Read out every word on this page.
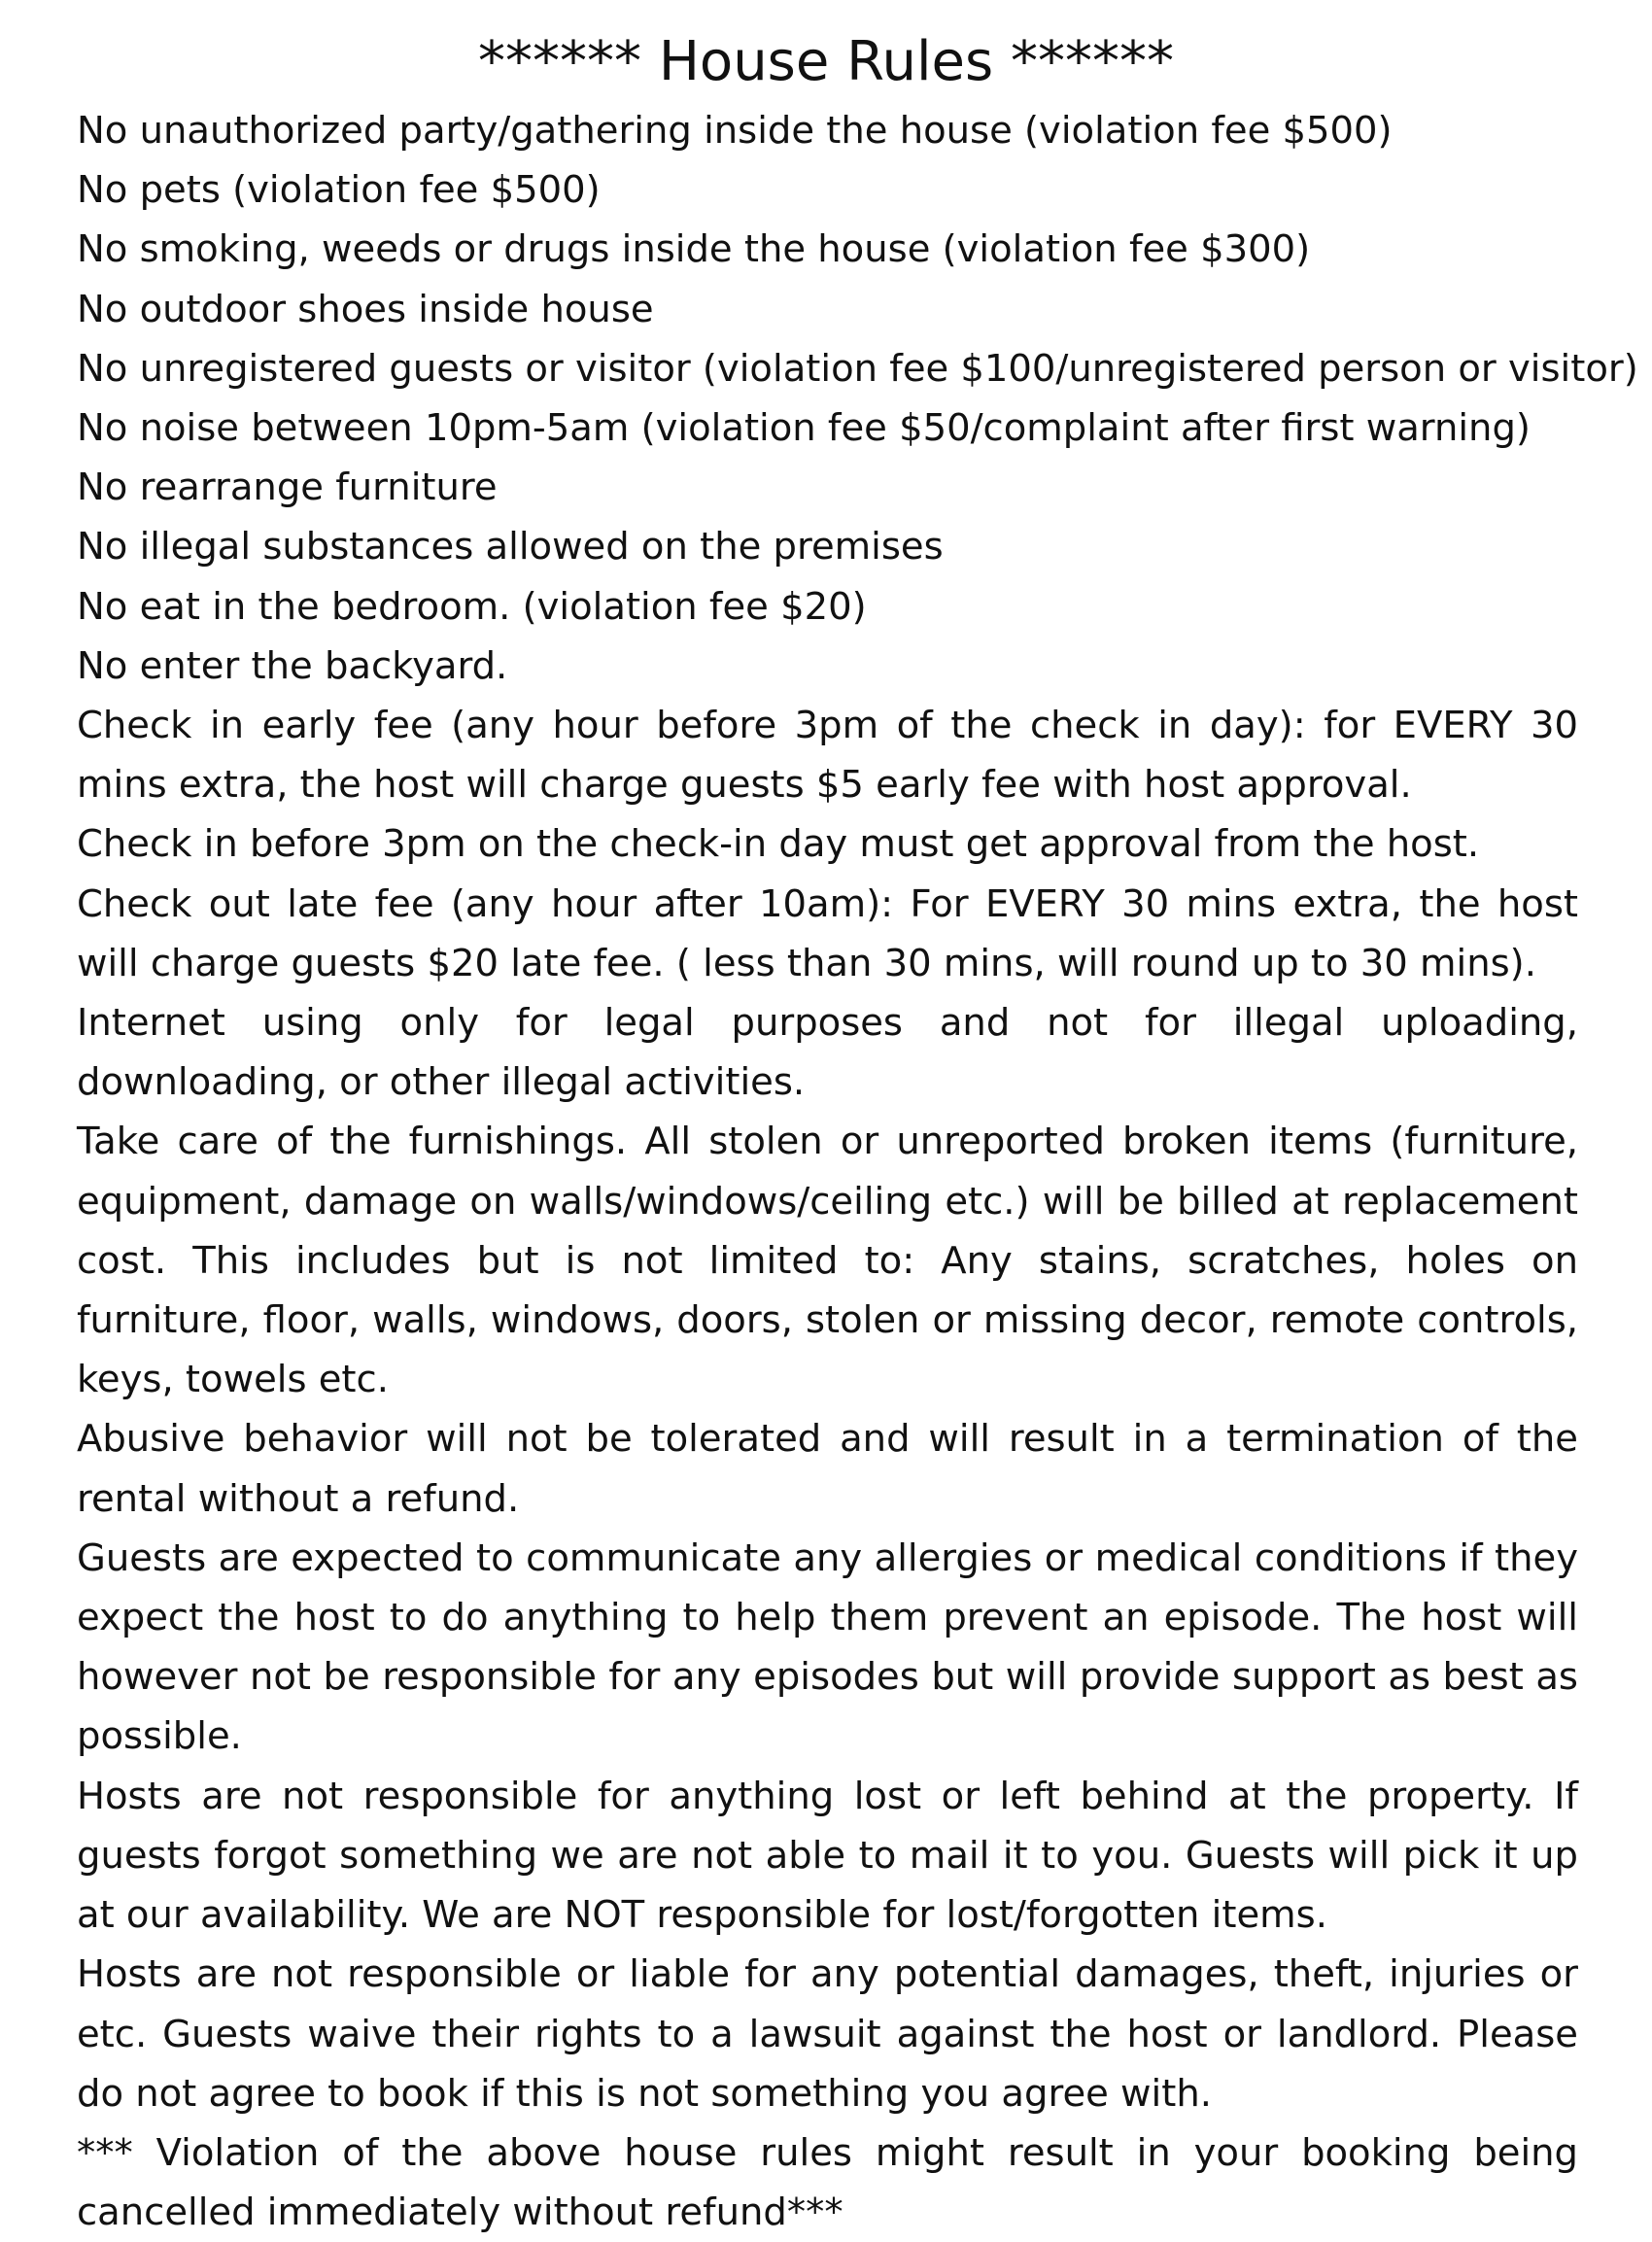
****** House Rules ******
No unauthorized party/gathering inside the house (violation fee $500)
No pets (violation fee $500)
No smoking, weeds or drugs inside the house (violation fee $300)
No outdoor shoes inside house
No unregistered guests or visitor (violation fee $100/unregistered person or visitor)
No noise between 10pm-5am (violation fee $50/complaint after first warning)
No rearrange furniture
No illegal substances allowed on the premises
No eat in the bedroom. (violation fee $20)
No enter the backyard.
Check in early fee (any hour before 3pm of the check in day): for EVERY 30 mins extra, the host will charge guests $5 early fee with host approval.
Check in before 3pm on the check-in day must get approval from the host.
Check out late fee (any hour after 10am): For EVERY 30 mins extra, the host will charge guests $20 late fee. ( less than 30 mins, will round up to 30 mins).
Internet using only for legal purposes and not for illegal uploading, downloading, or other illegal activities.
Take care of the furnishings. All stolen or unreported broken items (furniture, equipment, damage on walls/windows/ceiling etc.) will be billed at replacement cost. This includes but is not limited to: Any stains, scratches, holes on furniture, floor, walls, windows, doors, stolen or missing decor, remote controls, keys, towels etc.
Abusive behavior will not be tolerated and will result in a termination of the rental without a refund.
Guests are expected to communicate any allergies or medical conditions if they expect the host to do anything to help them prevent an episode. The host will however not be responsible for any episodes but will provide support as best as possible.
Hosts are not responsible for anything lost or left behind at the property. If guests forgot something we are not able to mail it to you. Guests will pick it up at our availability. We are NOT responsible for lost/forgotten items.
Hosts are not responsible or liable for any potential damages, theft, injuries or etc. Guests waive their rights to a lawsuit against the host or landlord. Please do not agree to book if this is not something you agree with.
*** Violation of the above house rules might result in your booking being cancelled immediately without refund***
